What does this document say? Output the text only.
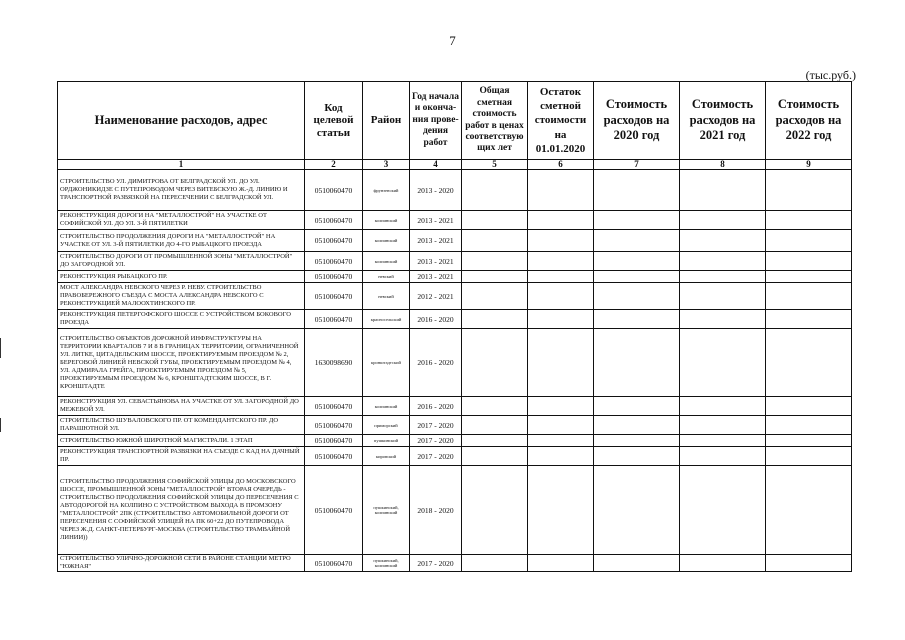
7
(тыс.руб.)
Наименование расходов, адрес	Код целевой статьи	Район	Год начала и оконча-ния прове-дения работ	Общая сметная стоимость работ в ценах соответствую щих лет	Остаток сметной стоимости на 01.01.2020	Стоимость расходов на 2020 год	Стоимость расходов на 2021 год	Стоимость расходов на 2022 год
1	2	3	4	5	6	7	8	9
СТРОИТЕЛЬСТВО УЛ. ДИМИТРОВА ОТ БЕЛГРАДСКОЙ УЛ. ДО УЛ. ОРДЖОНИКИДЗЕ С ПУТЕПРОВОДОМ ЧЕРЕЗ ВИТЕБСКУЮ Ж.-Д. ЛИНИЮ И ТРАНСПОРТНОЙ РАЗВЯЗКОЙ НА ПЕРЕСЕЧЕНИИ С БЕЛГРАДСКОЙ УЛ.	0510060470	фрунзенский	2013 - 2020					
РЕКОНСТРУКЦИЯ ДОРОГИ НА "МЕТАЛЛОСТРОЙ" НА УЧАСТКЕ ОТ СОФИЙСКОЙ УЛ. ДО УЛ. 3-Й ПЯТИЛЕТКИ	0510060470	колпинский	2013 - 2021					
СТРОИТЕЛЬСТВО ПРОДОЛЖЕНИЯ ДОРОГИ НА "МЕТАЛЛОСТРОЙ" НА УЧАСТКЕ ОТ УЛ. 3-Й ПЯТИЛЕТКИ ДО 4-ГО РЫБАЦКОГО ПРОЕЗДА	0510060470	колпинский	2013 - 2021					
СТРОИТЕЛЬСТВО ДОРОГИ ОТ ПРОМЫШЛЕННОЙ ЗОНЫ "МЕТАЛЛОСТРОЙ" ДО ЗАГОРОДНОЙ УЛ.	0510060470	колпинский	2013 - 2021					
РЕКОНСТРУКЦИЯ РЫБАЦКОГО ПР.	0510060470	невский	2013 - 2021					
МОСТ АЛЕКСАНДРА НЕВСКОГО ЧЕРЕЗ Р. НЕВУ. СТРОИТЕЛЬСТВО ПРАВОБЕРЕЖНОГО СЪЕЗДА С МОСТА АЛЕКСАНДРА НЕВСКОГО С РЕКОНСТРУКЦИЕЙ МАЛООХТИНСКОГО ПР.	0510060470	невский	2012 - 2021					
РЕКОНСТРУКЦИЯ ПЕТЕРГОФСКОГО ШОССЕ С УСТРОЙСТВОМ БОКОВОГО ПРОЕЗДА	0510060470	красносельский	2016 - 2020					
СТРОИТЕЛЬСТВО ОБЪЕКТОВ ДОРОЖНОЙ ИНФРАСТРУКТУРЫ НА ТЕРРИТОРИИ КВАРТАЛОВ 7 И 8 В ГРАНИЦАХ ТЕРРИТОРИИ, ОГРАНИЧЕННОЙ УЛ. ЛИТКЕ, ЦИТАДЕЛЬСКИМ ШОССЕ, ПРОЕКТИРУЕМЫМ ПРОЕЗДОМ № 2, БЕРЕГОВОЙ ЛИНИЕЙ НЕВСКОЙ ГУБЫ, ПРОЕКТИРУЕМЫМ ПРОЕЗДОМ № 4, УЛ. АДМИРАЛА ГРЕЙГА, ПРОЕКТИРУЕМЫМ ПРОЕЗДОМ № 5, ПРОЕКТИРУЕМЫМ ПРОЕЗДОМ № 6, КРОНШТАДТСКИМ ШОССЕ, В Г. КРОНШТАДТЕ	1630098690	кронштадтский	2016 - 2020					
РЕКОНСТРУКЦИЯ УЛ. СЕВАСТЬЯНОВА НА УЧАСТКЕ ОТ УЛ. ЗАГОРОДНОЙ ДО МЕЖЕВОЙ УЛ.	0510060470	колпинский	2016 - 2020					
СТРОИТЕЛЬСТВО ШУВAЛОВСКОГО ПР. ОТ КОМЕНДАНТСКОГО ПР. ДО ПАРАШЮТНОЙ УЛ.	0510060470	приморский	2017 - 2020					
СТРОИТЕЛЬСТВО ЮЖНОЙ ШИРОТНОЙ МАГИСТРАЛИ. 1 ЭТАП	0510060470	пушкинский	2017 - 2020					
РЕКОНСТРУКЦИЯ ТРАНСПОРТНОЙ РАЗВЯЗКИ НА СЪЕЗДЕ С КАД НА ДАЧНЫЙ ПР.	0510060470	кировский	2017 - 2020					
СТРОИТЕЛЬСТВО ПРОДОЛЖЕНИЯ СОФИЙСКОЙ УЛИЦЫ ДО МОСКОВСКОГО ШОССЕ, ПРОМЫШЛЕННОЙ ЗОНЫ "МЕТАЛЛОСТРОЙ" ВТОРАЯ ОЧЕРЕДЬ - СТРОИТЕЛЬСТВО ПРОДОЛЖЕНИЯ СОФИЙСКОЙ УЛИЦЫ ДО ПЕРЕСЕЧЕНИЯ С АВТОДОРОГОЙ НА КОЛПИНО С УСТРОЙСТВОМ ВЫХОДА В ПРОМЗОНУ "МЕТАЛЛОСТРОЙ" 2ПК (СТРОИТЕЛЬСТВО АВТОМОБИЛЬНОЙ ДОРОГИ ОТ ПЕРЕСЕЧЕНИЯ С СОФИЙСКОЙ УЛИЦЕЙ НА ПК 60+22 ДО ПУТЕПРОВОДА ЧЕРЕЗ Ж.Д. САНКТ-ПЕТЕРБУРГ-МОСКВА (СТРОИТЕЛЬСТВО ТРАМВАЙНОЙ ЛИНИИ))	0510060470	пушкинский, колпинский	2018 - 2020					
СТРОИТЕЛЬСТВО УЛИЧНО-ДОРОЖНОЙ СЕТИ В РАЙОНЕ СТАНЦИИ МЕТРО "ЮЖНАЯ"	0510060470	пушкинский, колпинский	2017 - 2020					
